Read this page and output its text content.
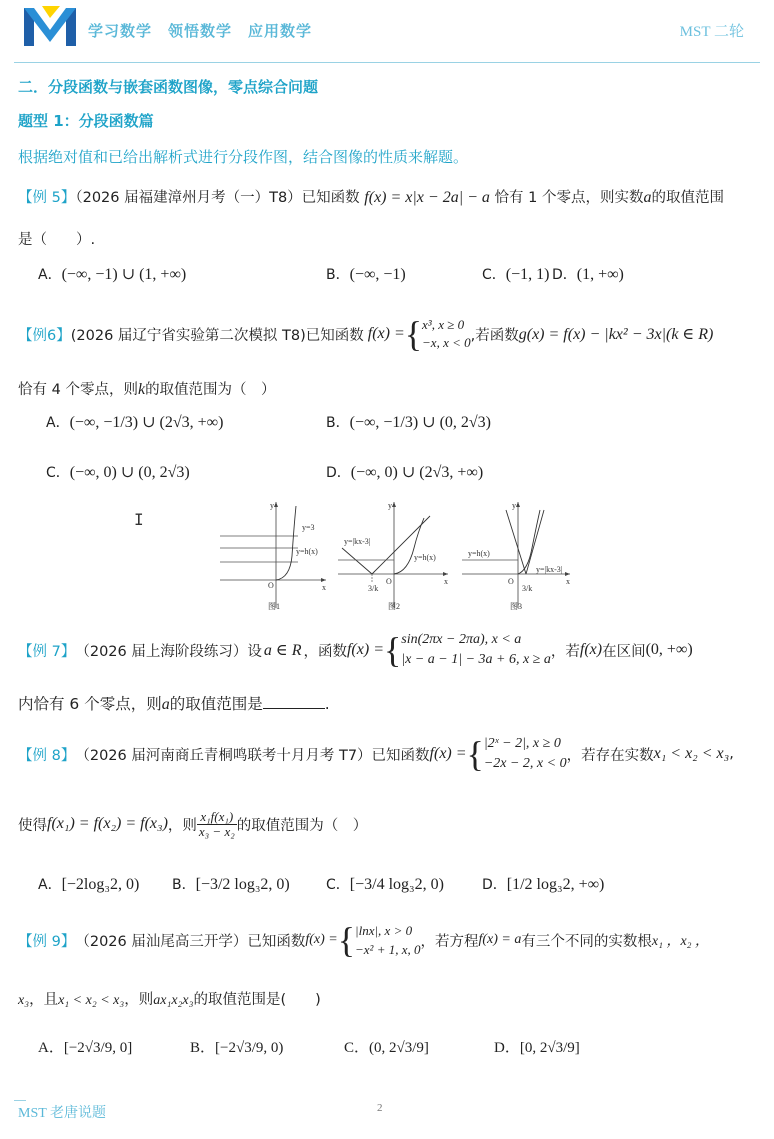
学习数学　领悟数学　应用数学	MST 二轮
二．分段函数与嵌套函数图像，零点综合问题
题型 1：分段函数篇
根据绝对值和已给出解析式进行分段作图，结合图像的性质来解题。
【例 5】（2026 届福建漳州月考（一）T8）已知函数 f(x) = x|x − 2a| − a 恰有 1 个零点，则实数a的取值范围
是（　　）.
A．(−∞, −1) ∪ (1, +∞)	B．(−∞, −1)	C．(−1, 1) D．(1, +∞)
【例6】 (2026 届辽宁省实验第二次模拟 T8)已知函数 f(x) = { x³, x ≥ 0
−x, x < 0 ,若函数 g(x) = f(x) − |kx² − 3x|(k ∈ R)
恰有 4 个零点，则k的取值范围为（　）
A．(−∞, −1/3) ∪ (2√3, +∞)	B．(−∞, −1/3) ∪ (0, 2√3)
C．(−∞, 0) ∪ (0, 2√3)	D．(−∞, 0) ∪ (2√3, +∞)
I
y
x
O
y=3
y=h(x)
图1
y
x
O
y=|kx-3|
y=h(x)
3/k
图2
y
x
O
y=h(x)
y=|kx-3|
3/k
图3
【例 7】 （2026 届上海阶段练习）设 a ∈ R ，函数 f(x) = { sin(2πx − 2πa), x < a
|x − a − 1| − 3a + 6, x ≥ a ，若 f(x) 在区间 (0, +∞)
内恰有 6 个零点，则a的取值范围是	.
【例 8】 （2026 届河南商丘青桐鸣联考十月月考 T7）已知函数 f(x) = { |2ˣ − 2|, x ≥ 0
−2x − 2, x < 0 ，若存在实数 x₁ < x₂ < x₃ ,
使得 f(x₁) = f(x₂) = f(x₃) ，则 $\frac{\text{x₁f(x₁)}}{\text{x₃ − x₂}}$ 的取值范围为（　）
A．[−2log₃2, 0) B．[−3/2 log₃2, 0)	C．[−3/4 log₃2, 0)	D．[1/2 log₃2, +∞)
【例 9】 （2026 届汕尾高三开学）已知函数 f(x) = { |lnx|, x > 0
−x² + 1, x, 0 ，若方程 f(x) = a 有三个不同的实数根 x₁ ，x₂ ，
x₃，且x₁ < x₂ < x₃，则ax₁x₂x₃的取值范围是(　　)
A．[−2√3/9, 0]	B．[−2√3/9, 0)	C．(0, 2√3/9]	D．[0, 2√3/9]
MST 老唐说题	2
